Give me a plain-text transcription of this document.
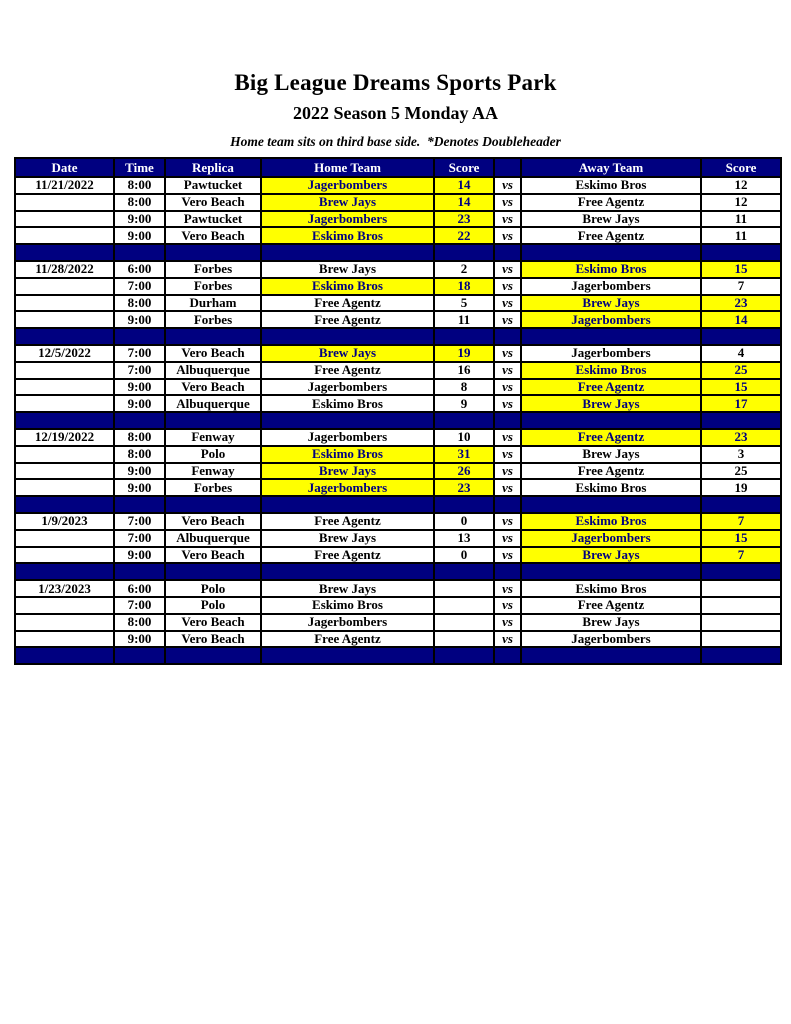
Big League Dreams Sports Park
2022 Season 5 Monday AA
Home team sits on third base side.  *Denotes Doubleheader
Date	Time	Replica	Home Team	Score		Away Team	Score
11/21/2022	8:00	Pawtucket	Jagerbombers	14	vs	Eskimo Bros	12
	8:00	Vero Beach	Brew Jays	14	vs	Free Agentz	12
	9:00	Pawtucket	Jagerbombers	23	vs	Brew Jays	11
	9:00	Vero Beach	Eskimo Bros	22	vs	Free Agentz	11

11/28/2022	6:00	Forbes	Brew Jays	2	vs	Eskimo Bros	15
	7:00	Forbes	Eskimo Bros	18	vs	Jagerbombers	7
	8:00	Durham	Free Agentz	5	vs	Brew Jays	23
	9:00	Forbes	Free Agentz	11	vs	Jagerbombers	14

12/5/2022	7:00	Vero Beach	Brew Jays	19	vs	Jagerbombers	4
	7:00	Albuquerque	Free Agentz	16	vs	Eskimo Bros	25
	9:00	Vero Beach	Jagerbombers	8	vs	Free Agentz	15
	9:00	Albuquerque	Eskimo Bros	9	vs	Brew Jays	17

12/19/2022	8:00	Fenway	Jagerbombers	10	vs	Free Agentz	23
	8:00	Polo	Eskimo Bros	31	vs	Brew Jays	3
	9:00	Fenway	Brew Jays	26	vs	Free Agentz	25
	9:00	Forbes	Jagerbombers	23	vs	Eskimo Bros	19

1/9/2023	7:00	Vero Beach	Free Agentz	0	vs	Eskimo Bros	7
	7:00	Albuquerque	Brew Jays	13	vs	Jagerbombers	15
	9:00	Vero Beach	Free Agentz	0	vs	Brew Jays	7

1/23/2023	6:00	Polo	Brew Jays		vs	Eskimo Bros	
	7:00	Polo	Eskimo Bros		vs	Free Agentz	
	8:00	Vero Beach	Jagerbombers		vs	Brew Jays	
	9:00	Vero Beach	Free Agentz		vs	Jagerbombers	
